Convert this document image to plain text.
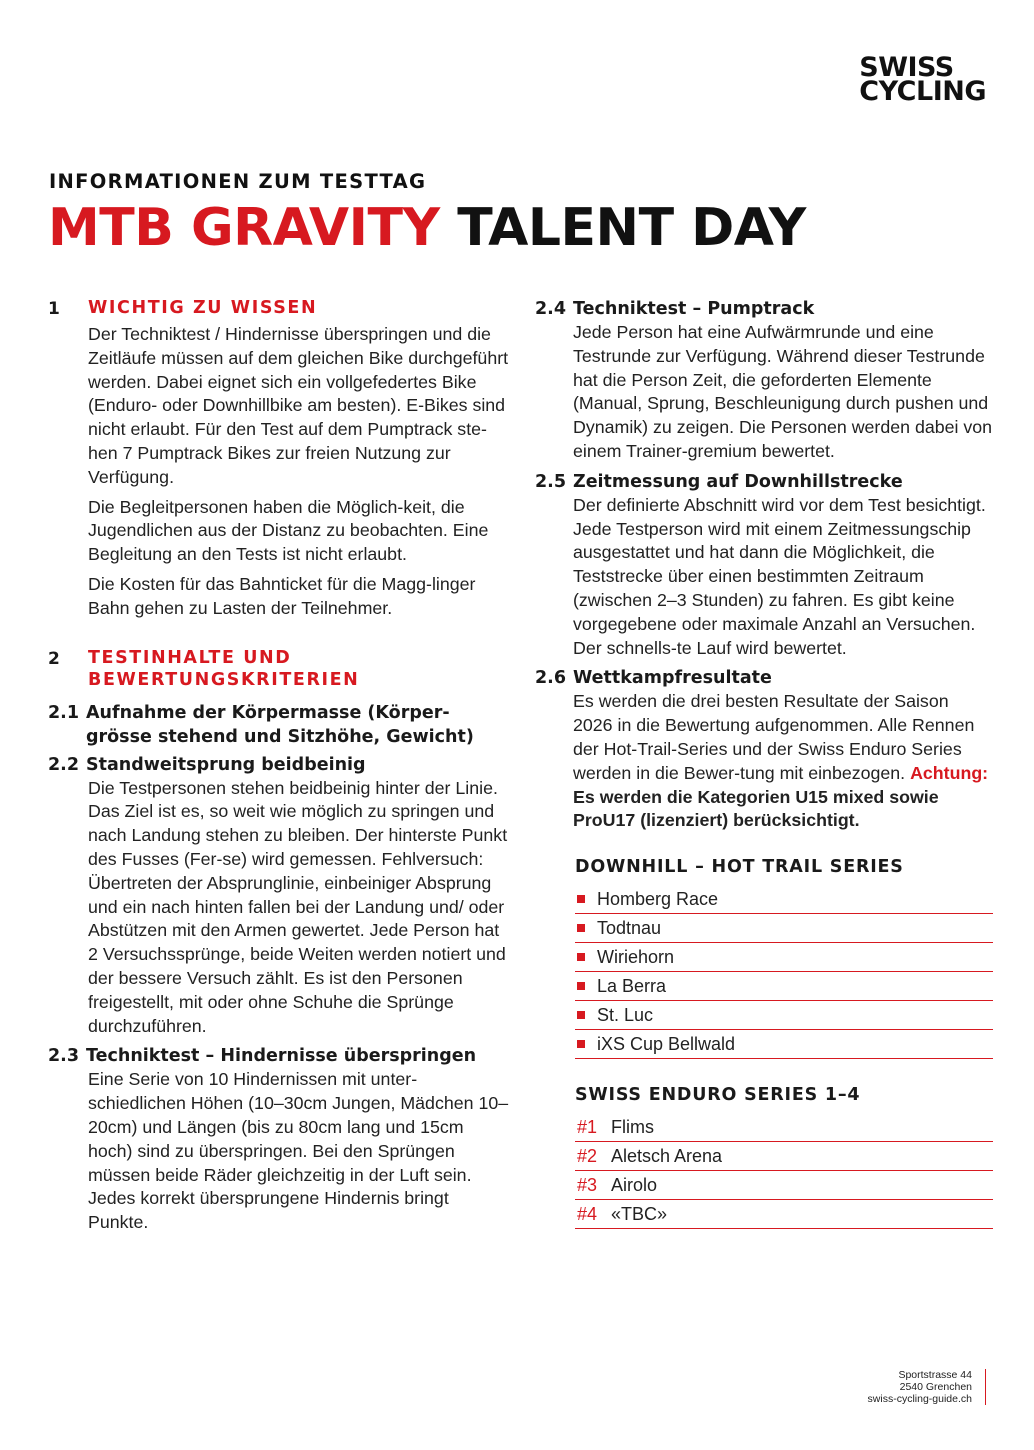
SWISS
CYCLING
INFORMATIONEN ZUM TESTTAG
MTB GRAVITY TALENT DAY
1	WICHTIG ZU WISSEN

Der Techniktest / Hindernisse überspringen und die Zeitläufe müssen auf dem gleichen Bike durchgeführt werden. Dabei eignet sich ein vollgefedertes Bike (Enduro- oder Downhillbike am besten). E-Bikes sind nicht erlaubt. Für den Test auf dem Pumptrack ste-hen 7 Pumptrack Bikes zur freien Nutzung zur Verfügung.

Die Begleitpersonen haben die Möglich-keit, die Jugendlichen aus der Distanz zu beobachten. Eine Begleitung an den Tests ist nicht erlaubt.

Die Kosten für das Bahnticket für die Magg-linger Bahn gehen zu Lasten der Teilnehmer.

2	TESTINHALTE UND
BEWERTUNGSKRITERIEN
2.1 Aufnahme der Körpermasse (Körper-grösse stehend und Sitzhöhe, Gewicht)
2.2 Standweitsprung beidbeinig

Die Testpersonen stehen beidbeinig hinter der Linie. Das Ziel ist es, so weit wie möglich zu springen und nach Landung stehen zu bleiben. Der hinterste Punkt des Fusses (Fer-se) wird gemessen. Fehlversuch: Übertreten der Absprunglinie, einbeiniger Absprung und ein nach hinten fallen bei der Landung und/ oder Abstützen mit den Armen gewertet. Jede Person hat 2 Versuchssprünge, beide Weiten werden notiert und der bessere Versuch zählt. Es ist den Personen freigestellt, mit oder ohne Schuhe die Sprünge durchzuführen.

2.3 Techniktest – Hindernisse überspringen

Eine Serie von 10 Hindernissen mit unter-schiedlichen Höhen (10–30cm Jungen, Mädchen 10–20cm) und Längen (bis zu 80cm lang und 15cm hoch) sind zu überspringen. Bei den Sprüngen müssen beide Räder gleichzeitig in der Luft sein. Jedes korrekt übersprungene Hindernis bringt Punkte.

2.4 Techniktest – Pumptrack

Jede Person hat eine Aufwärmrunde und eine Testrunde zur Verfügung. Während dieser Testrunde hat die Person Zeit, die geforderten Elemente (Manual, Sprung, Beschleunigung durch pushen und Dynamik) zu zeigen. Die Personen werden dabei von einem Trainer-gremium bewertet.

2.5 Zeitmessung auf Downhillstrecke

Der definierte Abschnitt wird vor dem Test besichtigt. Jede Testperson wird mit einem Zeitmessungschip ausgestattet und hat dann die Möglichkeit, die Teststrecke über einen bestimmten Zeitraum (zwischen 2–3 Stunden) zu fahren. Es gibt keine vorgegebene oder maximale Anzahl an Versuchen. Der schnells-te Lauf wird bewertet.

2.6 Wettkampfresultate

Es werden die drei besten Resultate der Saison 2026 in die Bewertung aufgenommen. Alle Rennen der Hot-Trail-Series und der Swiss Enduro Series werden in die Bewer-tung mit einbezogen. Achtung: Es werden die Kategorien U15 mixed sowie ProU17 (lizenziert) berücksichtigt.

DOWNHILL – HOT TRAIL SERIES
Homberg Race
Todtnau
Wiriehorn
La Berra
St. Luc
iXS Cup Bellwald
SWISS ENDURO SERIES 1–4
#1 Flims
#2 Aletsch Arena
#3 Airolo
#4 «TBC»
Sportstrasse 44
2540 Grenchen
swiss-cycling-guide.ch
